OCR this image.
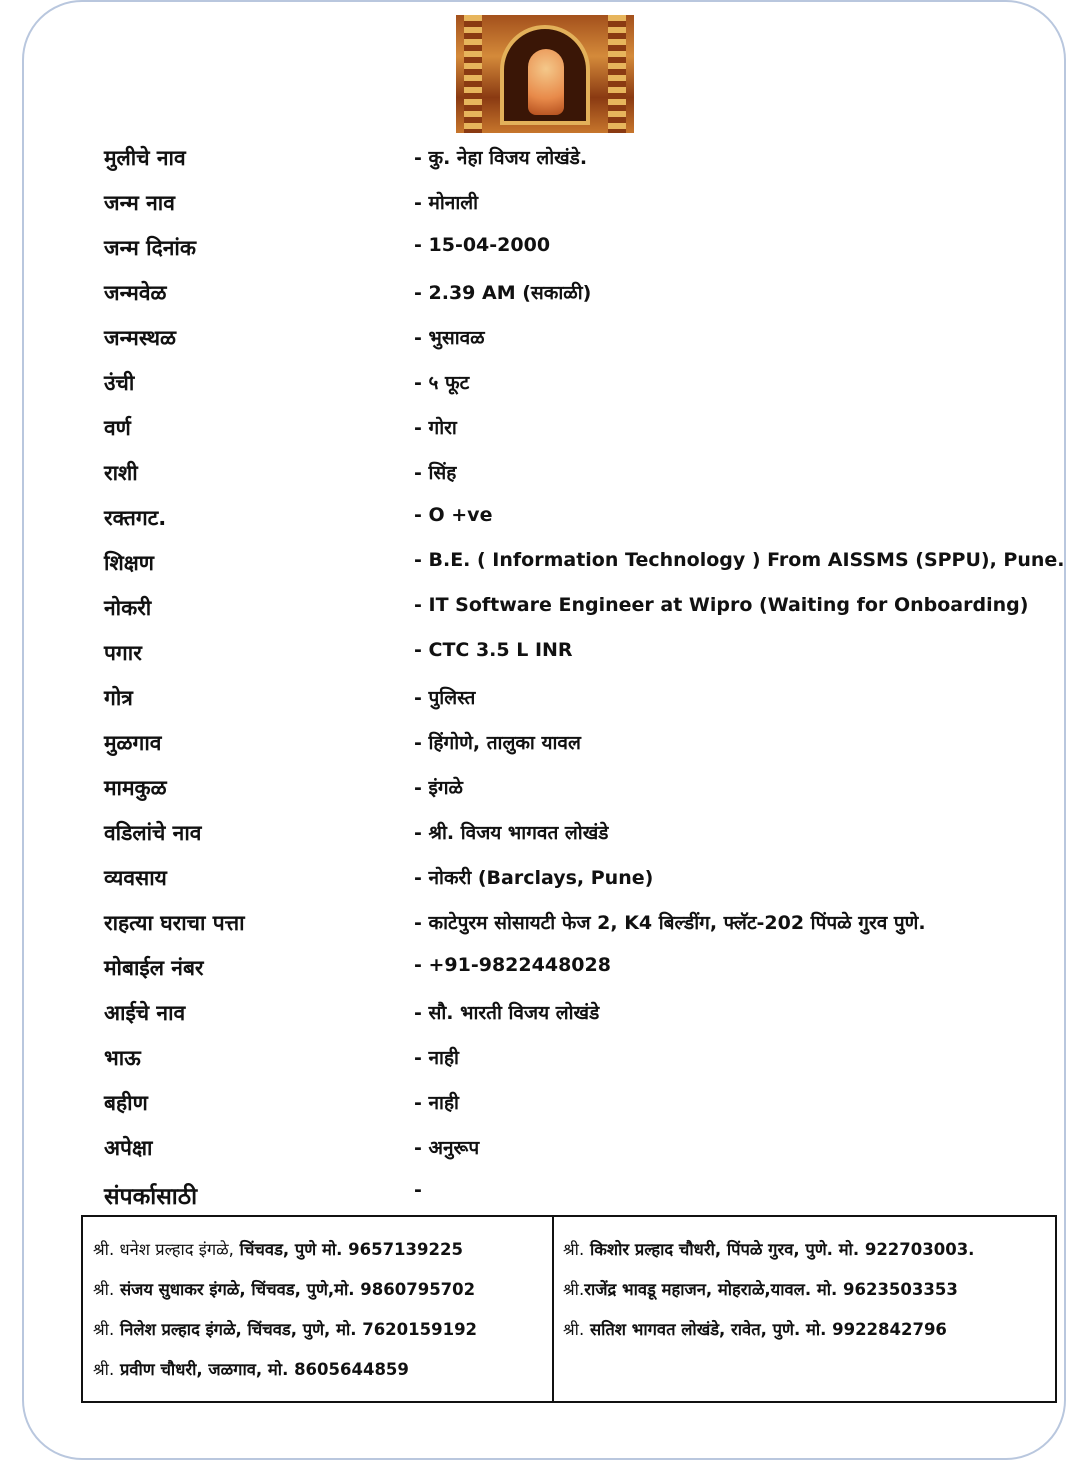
मुलीचे नाव	- कु. नेहा विजय लोखंडे.
जन्म नाव	- मोनाली
जन्म दिनांक	- 15-04-2000
जन्मवेळ	- 2.39 AM (सकाळी)
जन्मस्थळ	- भुसावळ
उंची	- ५ फूट
वर्ण	- गोरा
राशी	- सिंह
रक्तगट.	- O +ve
शिक्षण	- B.E. ( Information Technology ) From AISSMS (SPPU), Pune.
नोकरी	- IT Software Engineer at Wipro (Waiting for Onboarding)
पगार	- CTC 3.5 L INR
गोत्र	- पुलिस्त
मुळगाव	- हिंगोणे, तालुका यावल
मामकुळ	- इंगळे
वडिलांचे नाव	- श्री. विजय भागवत लोखंडे
व्यवसाय	- नोकरी (Barclays, Pune)
राहत्या घराचा पत्ता	- काटेपुरम सोसायटी फेज 2, K4 बिल्डींग, फ्लॅट-202 पिंपळे गुरव पुणे.
मोबाईल नंबर	- +91-9822448028
आईचे नाव	- सौ. भारती विजय लोखंडे
भाऊ	- नाही
बहीण	- नाही
अपेक्षा	- अनुरूप
संपर्कासाठी	-
श्री. धनेश प्रल्हाद इंगळे, चिंचवड, पुणे मो. 9657139225
श्री. संजय सुधाकर इंगळे, चिंचवड, पुणे,मो. 9860795702
श्री. निलेश प्रल्हाद इंगळे, चिंचवड, पुणे, मो. 7620159192
श्री. प्रवीण चौधरी, जळगाव, मो. 8605644859
श्री. किशोर प्रल्हाद चौधरी, पिंपळे गुरव, पुणे. मो. 922703003.
श्री.राजेंद्र भावडू महाजन, मोहराळे,यावल. मो. 9623503353
श्री. सतिश भागवत लोखंडे, रावेत, पुणे. मो. 9922842796
